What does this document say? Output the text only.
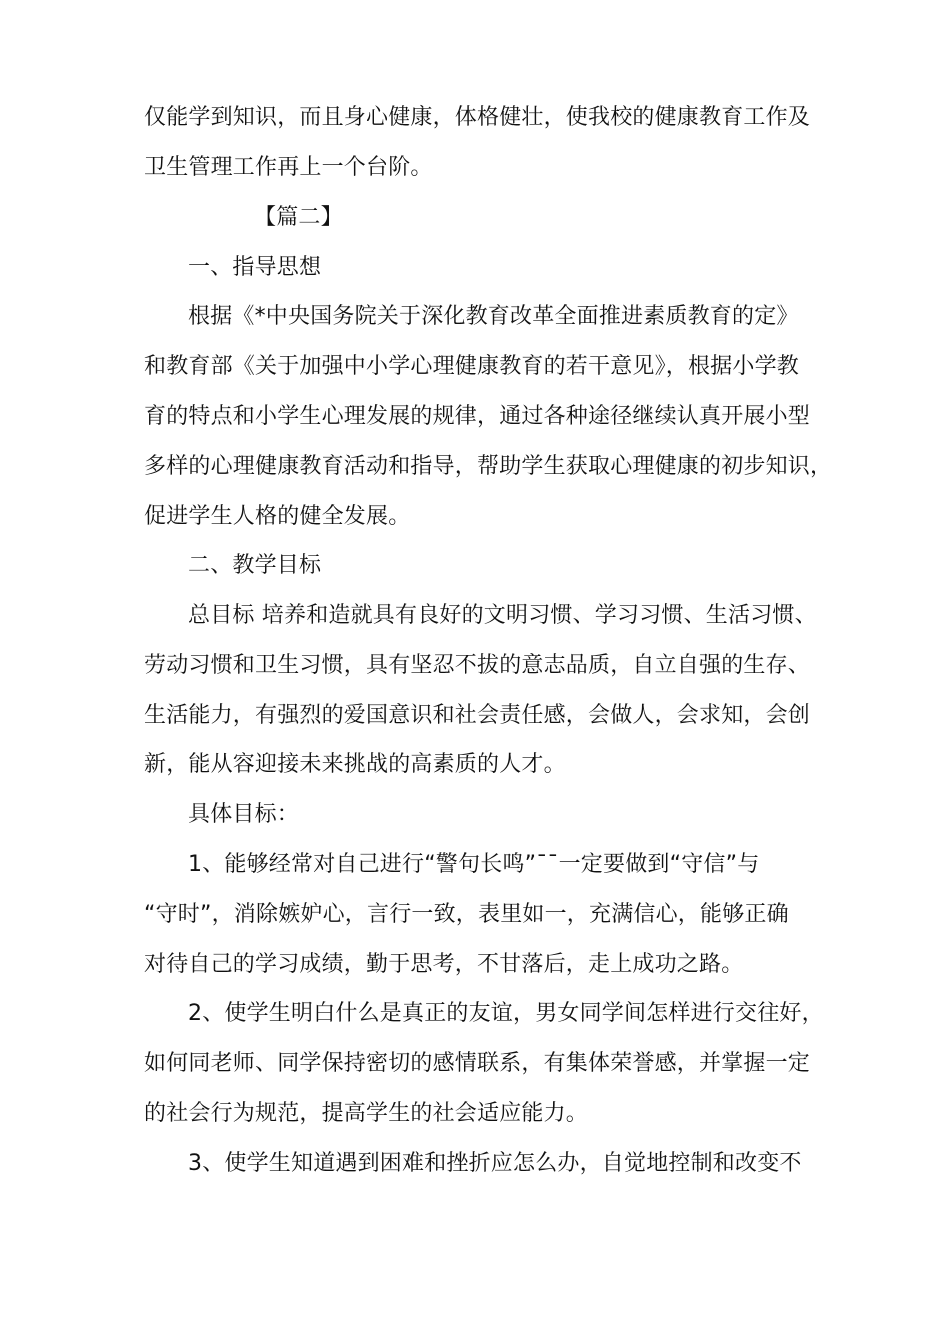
仅能学到知识，而且身心健康，体格健壮，使我校的健康教育工作及
卫生管理工作再上一个台阶。
【篇二】
一、指导思想
根据《*中央国务院关于深化教育改革全面推进素质教育的定》
和教育部《关于加强中小学心理健康教育的若干意见》，根据小学教
育的特点和小学生心理发展的规律，通过各种途径继续认真开展小型
多样的心理健康教育活动和指导，帮助学生获取心理健康的初步知识，
促进学生人格的健全发展。
二、教学目标
总目标 培养和造就具有良好的文明习惯、学习习惯、生活习惯、
劳动习惯和卫生习惯，具有坚忍不拔的意志品质，自立自强的生存、
生活能力，有强烈的爱国意识和社会责任感，会做人，会求知，会创
新，能从容迎接未来挑战的高素质的人才。
具体目标：
1、能够经常对自己进行“警句长鸣”¯¯一定要做到“守信”与
“守时”，消除嫉妒心，言行一致，表里如一，充满信心，能够正确
对待自己的学习成绩，勤于思考，不甘落后，走上成功之路。
2、使学生明白什么是真正的友谊，男女同学间怎样进行交往好，
如何同老师、同学保持密切的感情联系，有集体荣誉感，并掌握一定
的社会行为规范，提高学生的社会适应能力。
3、使学生知道遇到困难和挫折应怎么办，自觉地控制和改变不
